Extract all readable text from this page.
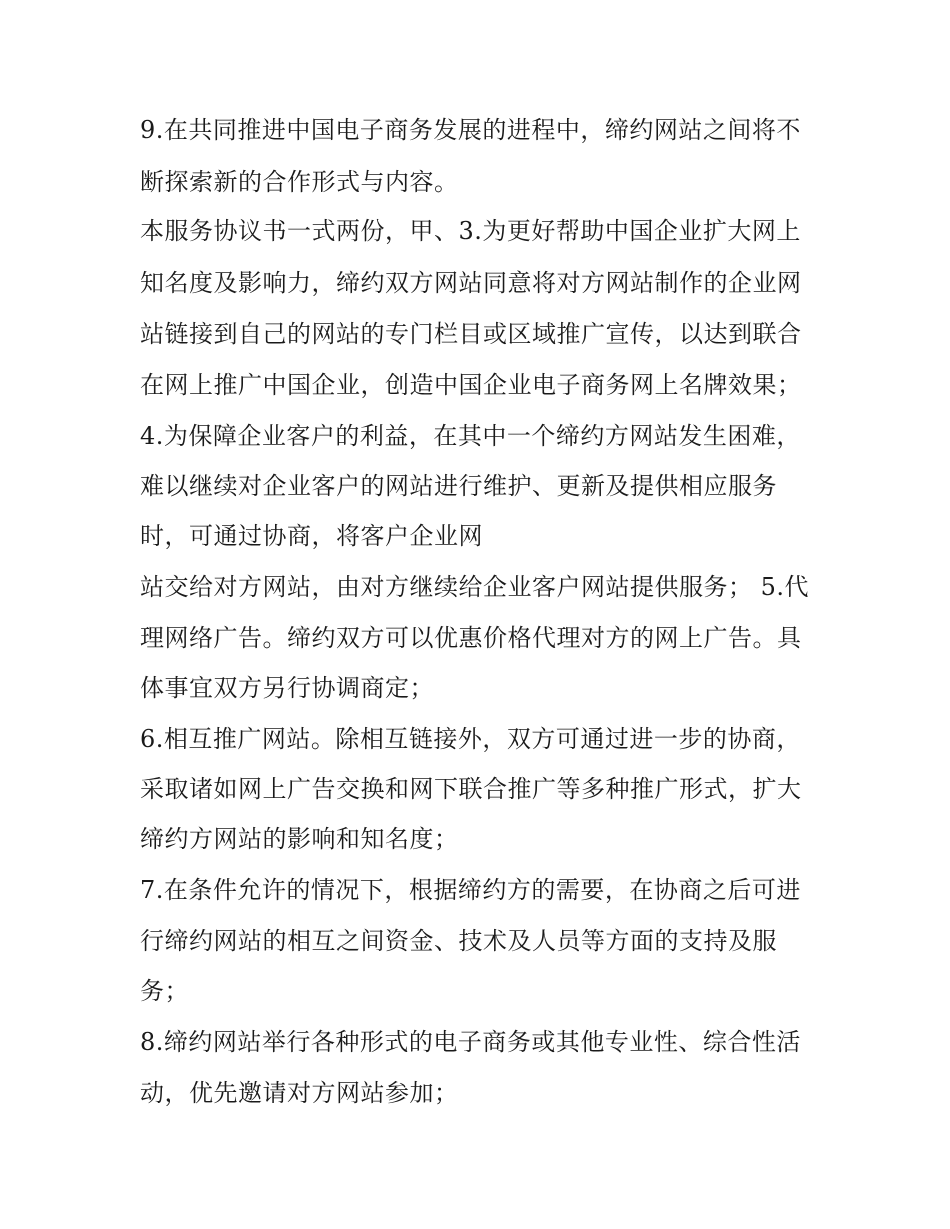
9.在共同推进中国电子商务发展的进程中，缔约网站之间将不
断探索新的合作形式与内容。
本服务协议书一式两份，甲、3.为更好帮助中国企业扩大网上
知名度及影响力，缔约双方网站同意将对方网站制作的企业网
站链接到自己的网站的专门栏目或区域推广宣传，以达到联合
在网上推广中国企业，创造中国企业电子商务网上名牌效果；
4.为保障企业客户的利益，在其中一个缔约方网站发生困难，
难以继续对企业客户的网站进行维护、更新及提供相应服务
时，可通过协商，将客户企业网
站交给对方网站，由对方继续给企业客户网站提供服务； 5.代
理网络广告。缔约双方可以优惠价格代理对方的网上广告。具
体事宜双方另行协调商定；
6.相互推广网站。除相互链接外，双方可通过进一步的协商，
采取诸如网上广告交换和网下联合推广等多种推广形式，扩大
缔约方网站的影响和知名度；
7.在条件允许的情况下，根据缔约方的需要，在协商之后可进
行缔约网站的相互之间资金、技术及人员等方面的支持及服
务；
8.缔约网站举行各种形式的电子商务或其他专业性、综合性活
动，优先邀请对方网站参加；
